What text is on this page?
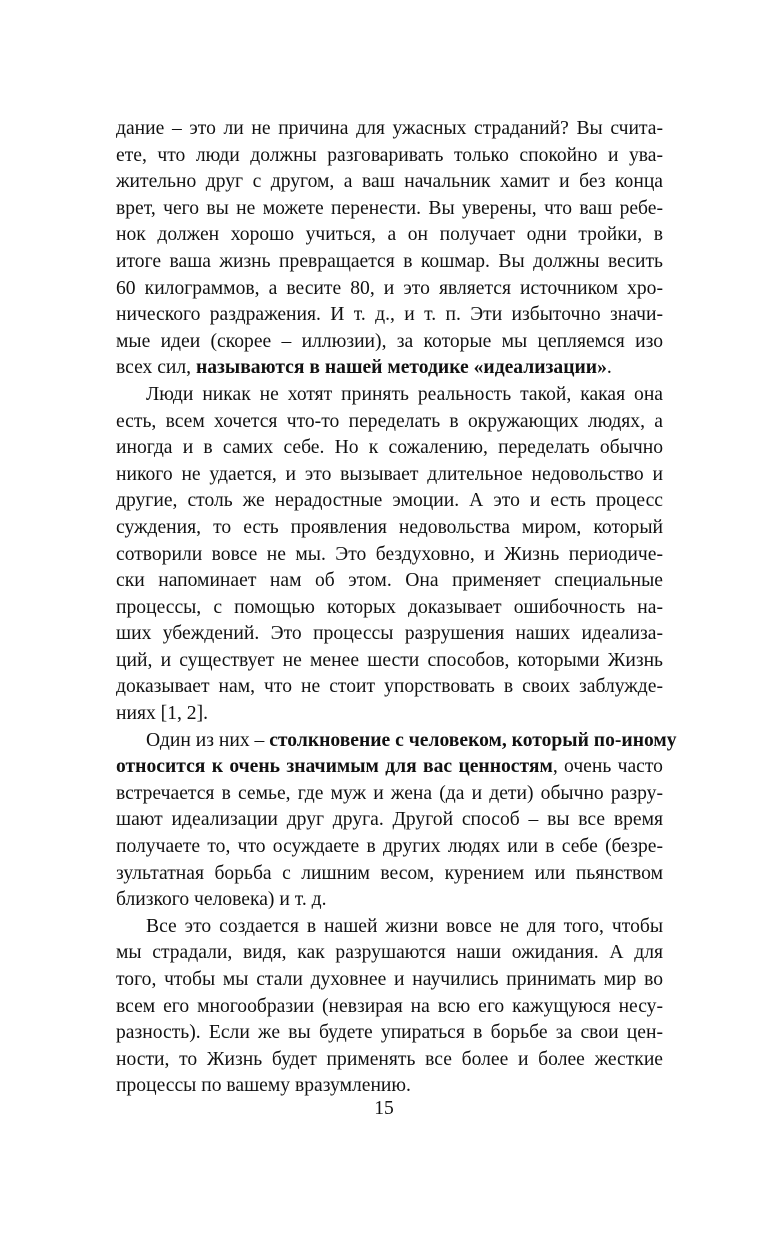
дание – это ли не причина для ужасных страданий? Вы счита-
ете, что люди должны разговаривать только спокойно и ува-
жительно друг с другом, а ваш начальник хамит и без конца
врет, чего вы не можете перенести. Вы уверены, что ваш ребе-
нок должен хорошо учиться, а он получает одни тройки, в
итоге ваша жизнь превращается в кошмар. Вы должны весить
60 килограммов, а весите 80, и это является источником хро-
нического раздражения. И т. д., и т. п. Эти избыточно значи-
мые идеи (скорее – иллюзии), за которые мы цепляемся изо
всех сил, называются в нашей методике «идеализации».
Люди никак не хотят принять реальность такой, какая она
есть, всем хочется что-то переделать в окружающих людях, а
иногда и в самих себе. Но к сожалению, переделать обычно
никого не удается, и это вызывает длительное недовольство и
другие, столь же нерадостные эмоции. А это и есть процесс
суждения, то есть проявления недовольства миром, который
сотворили вовсе не мы. Это бездуховно, и Жизнь периодиче-
ски напоминает нам об этом. Она применяет специальные
процессы, с помощью которых доказывает ошибочность на-
ших убеждений. Это процессы разрушения наших идеализа-
ций, и существует не менее шести способов, которыми Жизнь
доказывает нам, что не стоит упорствовать в своих заблужде-
ниях [1, 2].
Один из них – столкновение с человеком, который по-иному
относится к очень значимым для вас ценностям, очень часто
встречается в семье, где муж и жена (да и дети) обычно разру-
шают идеализации друг друга. Другой способ – вы все время
получаете то, что осуждаете в других людях или в себе (безре-
зультатная борьба с лишним весом, курением или пьянством
близкого человека) и т. д.
Все это создается в нашей жизни вовсе не для того, чтобы
мы страдали, видя, как разрушаются наши ожидания. А для
того, чтобы мы стали духовнее и научились принимать мир во
всем его многообразии (невзирая на всю его кажущуюся несу-
разность). Если же вы будете упираться в борьбе за свои цен-
ности, то Жизнь будет применять все более и более жесткие
процессы по вашему вразумлению.
15
